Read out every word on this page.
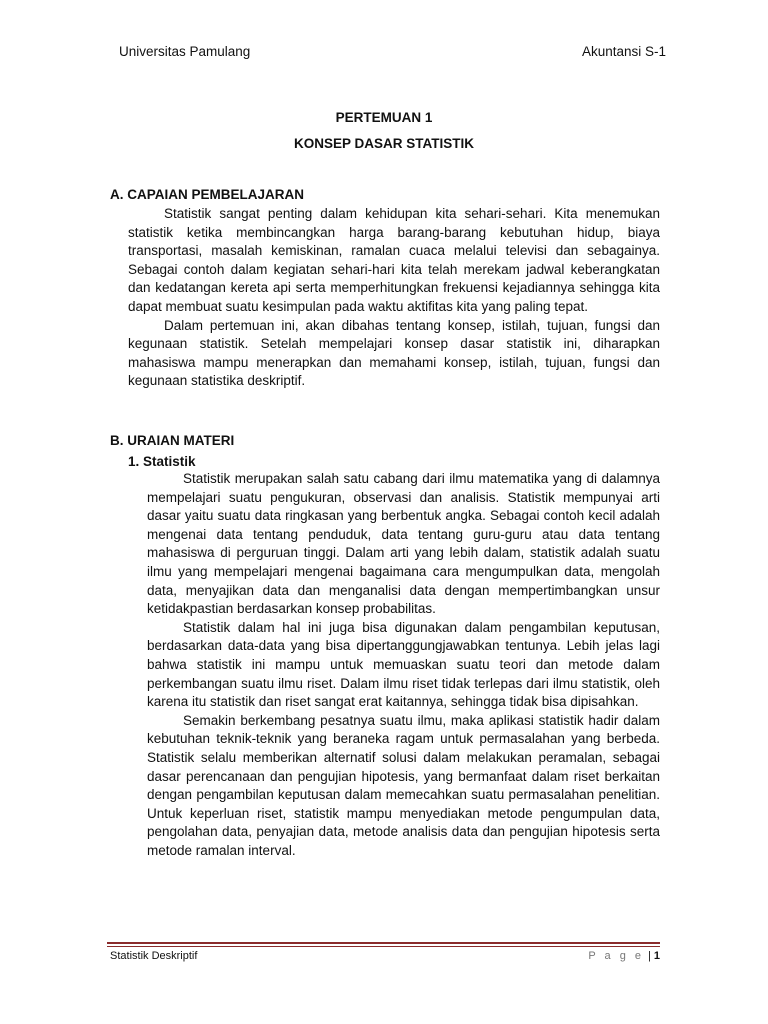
Universitas Pamulang	Akuntansi S-1
PERTEMUAN 1
KONSEP DASAR STATISTIK
A. CAPAIAN PEMBELAJARAN

Statistik sangat penting dalam kehidupan kita sehari-sehari. Kita menemukan statistik ketika membincangkan harga barang-barang kebutuhan hidup, biaya transportasi, masalah kemiskinan, ramalan cuaca melalui televisi dan sebagainya. Sebagai contoh dalam kegiatan sehari-hari kita telah merekam jadwal keberangkatan dan kedatangan kereta api serta memperhitungkan frekuensi kejadiannya sehingga kita dapat membuat suatu kesimpulan pada waktu aktifitas kita yang paling tepat.

Dalam pertemuan ini, akan dibahas tentang konsep, istilah, tujuan, fungsi dan kegunaan statistik. Setelah mempelajari konsep dasar statistik ini, diharapkan mahasiswa mampu menerapkan dan memahami konsep, istilah, tujuan, fungsi dan kegunaan statistika deskriptif.

B. URAIAN MATERI
1. Statistik

Statistik merupakan salah satu cabang dari ilmu matematika yang di dalamnya mempelajari suatu pengukuran, observasi dan analisis. Statistik mempunyai arti dasar yaitu suatu data ringkasan yang berbentuk angka. Sebagai contoh kecil adalah mengenai data tentang penduduk, data tentang guru-guru atau data tentang mahasiswa di perguruan tinggi. Dalam arti yang lebih dalam, statistik adalah suatu ilmu yang mempelajari mengenai bagaimana cara mengumpulkan data, mengolah data, menyajikan data dan menganalisi data dengan mempertimbangkan unsur ketidakpastian berdasarkan konsep probabilitas.

Statistik dalam hal ini juga bisa digunakan dalam pengambilan keputusan, berdasarkan data-data yang bisa dipertanggungjawabkan tentunya. Lebih jelas lagi bahwa statistik ini mampu untuk memuaskan suatu teori dan metode dalam perkembangan suatu ilmu riset. Dalam ilmu riset tidak terlepas dari ilmu statistik, oleh karena itu statistik dan riset sangat erat kaitannya, sehingga tidak bisa dipisahkan.

Semakin berkembang pesatnya suatu ilmu, maka aplikasi statistik hadir dalam kebutuhan teknik-teknik yang beraneka ragam untuk permasalahan yang berbeda. Statistik selalu memberikan alternatif solusi dalam melakukan peramalan, sebagai dasar perencanaan dan pengujian hipotesis, yang bermanfaat dalam riset berkaitan dengan pengambilan keputusan dalam memecahkan suatu permasalahan penelitian. Untuk keperluan riset, statistik mampu menyediakan metode pengumpulan data, pengolahan data, penyajian data, metode analisis data dan pengujian hipotesis serta metode ramalan interval.

Statistik Deskriptif	P a g e | 1
